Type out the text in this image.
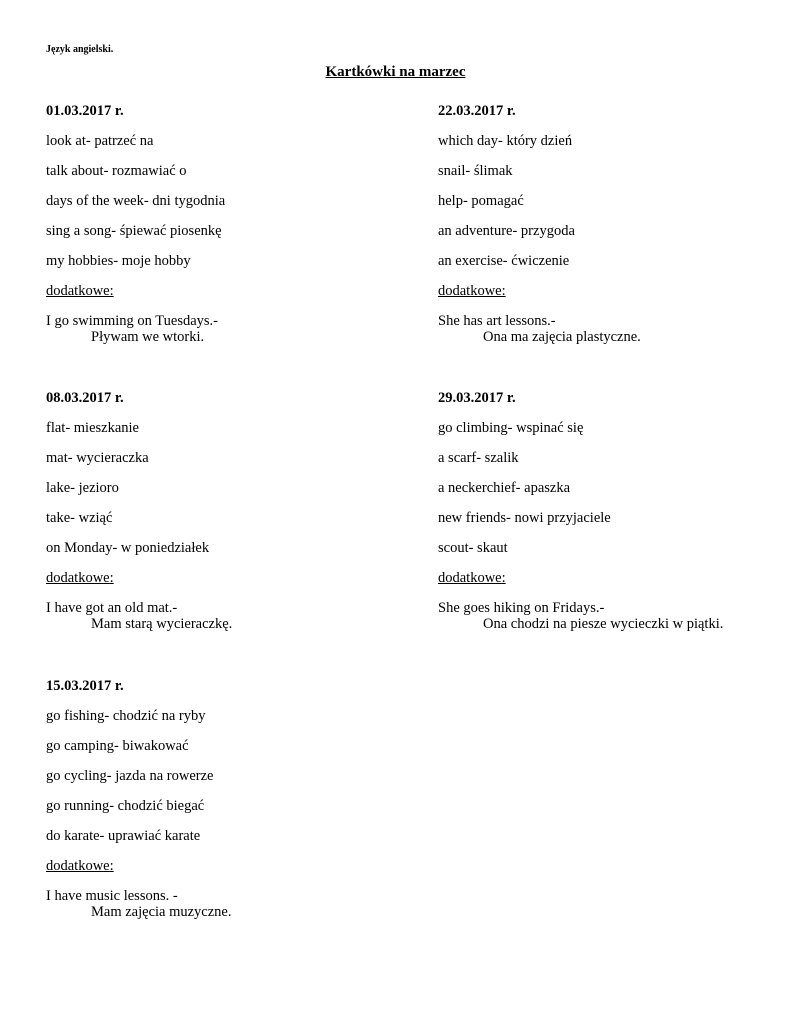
Język angielski.
Kartkówki na marzec
01.03.2017 r.
look at- patrzeć na
talk about- rozmawiać o
days of the week- dni tygodnia
sing a song- śpiewać piosenkę
my hobbies- moje hobby
dodatkowe:
I go swimming on Tuesdays.-
Pływam we wtorki.
22.03.2017 r.
which day- który dzień
snail- ślimak
help- pomagać
an adventure- przygoda
an exercise- ćwiczenie
dodatkowe:
She has art lessons.-
Ona ma zajęcia plastyczne.
08.03.2017 r.
flat- mieszkanie
mat- wycieraczka
lake- jezioro
take- wziąć
on Monday- w poniedziałek
dodatkowe:
I have got an old mat.-
Mam starą wycieraczkę.
29.03.2017 r.
go climbing- wspinać się
a scarf- szalik
a neckerchief- apaszka
new friends- nowi przyjaciele
scout- skaut
dodatkowe:
She goes hiking on Fridays.-
Ona chodzi na piesze wycieczki w piątki.
15.03.2017 r.
go fishing- chodzić na ryby
go camping- biwakować
go cycling- jazda na rowerze
go running- chodzić biegać
do karate- uprawiać karate
dodatkowe:
I have music lessons. -
Mam zajęcia muzyczne.
